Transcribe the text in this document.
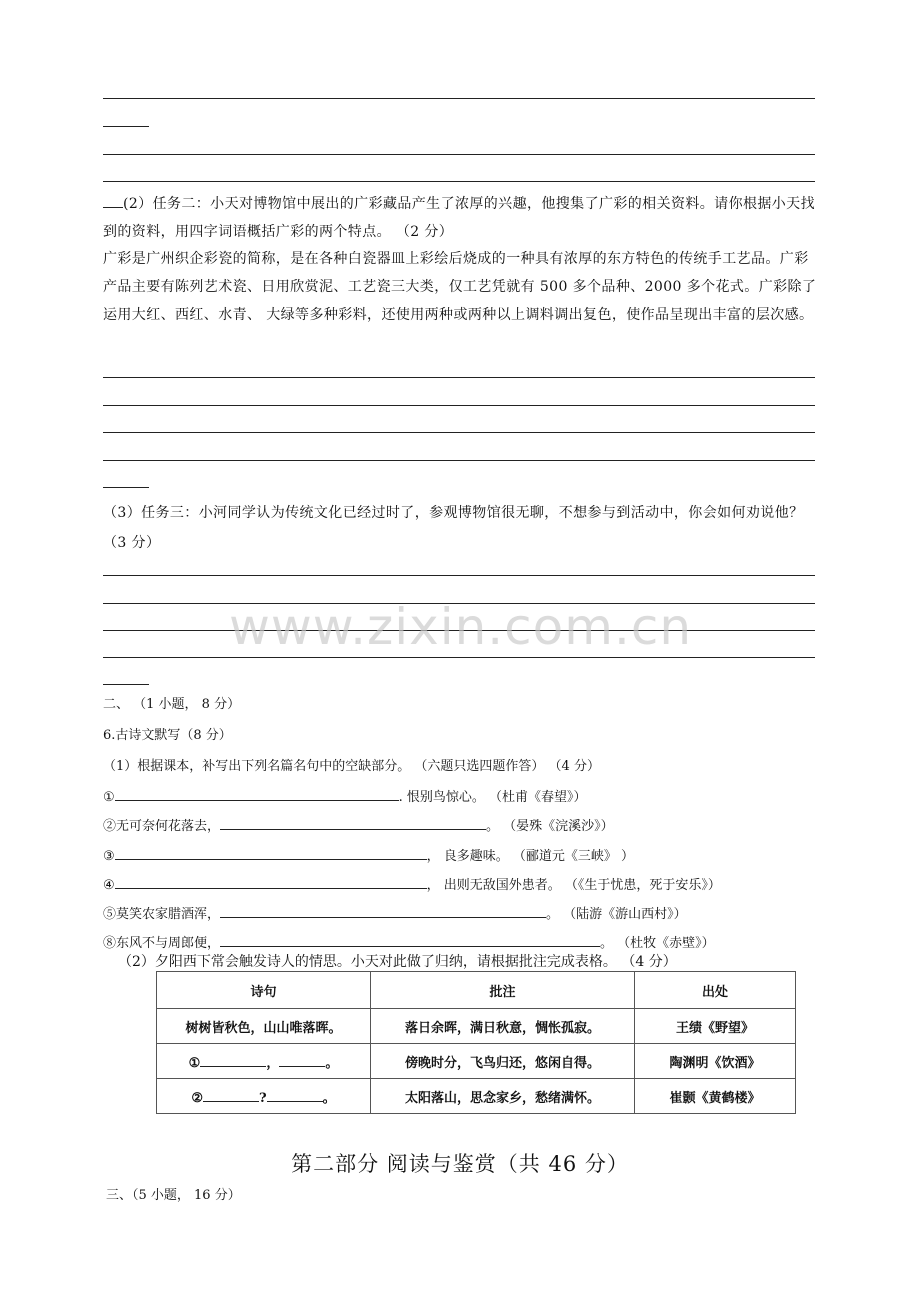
(2）任务二：小天对博物馆中展出的广彩藏品产生了浓厚的兴趣，他搜集了广彩的相关资料。请你根据小天找到的资料，用四字词语概括广彩的两个特点。 （2 分）
广彩是广州织企彩瓷的简称，是在各种白瓷器皿上彩绘后烧成的一种具有浓厚的东方特色的传统手工艺品。广彩产品主要有陈列艺术瓷、日用欣赏泥、工艺瓷三大类，仅工艺凭就有 500 多个品种、2000 多个花式。广彩除了运用大红、西红、水青、 大绿等多种彩料，还使用两种或两种以上调料调出复色，使作品呈现出丰富的层次感。
（3）任务三：小河同学认为传统文化已经过时了，参观博物馆很无聊，不想参与到活动中，你会如何劝说他？ （3 分）
www.zixin.com.cn
二、 （1 小题， 8 分）
6.古诗文默写（8 分）
（1）根据课本，补写出下列名篇名句中的空缺部分。 （六题只选四题作答） （4 分）
①	. 恨别鸟惊心。 （杜甫《春望》）
②无可奈何花落去，	。 （晏殊《浣溪沙》）
③	， 良多趣味。 （郦道元《三峡》 ）
④	， 出则无敌国外患者。 （《生于忧患，死于安乐》）
⑤莫笑农家腊酒浑，	。 （陆游《游山西村》）
⑧东风不与周郎便，	。 （杜牧《赤壁》）
（2）夕阳西下常会触发诗人的情思。小天对此做了归纳，请根据批注完成表格。 （4 分）
诗句	批注	出处
树树皆秋色，山山唯落晖。	落日余晖，满日秋意，惆怅孤寂。	王绩《野望》
① ， 。	傍晚时分，飞鸟归还，悠闲自得。	陶渊明《饮酒》
② ? 。	太阳落山，思念家乡，愁绪满怀。	崔颢《黄鹤楼》
第二部分 阅读与鉴赏（共 46 分）
三、（5 小题， 16 分）
